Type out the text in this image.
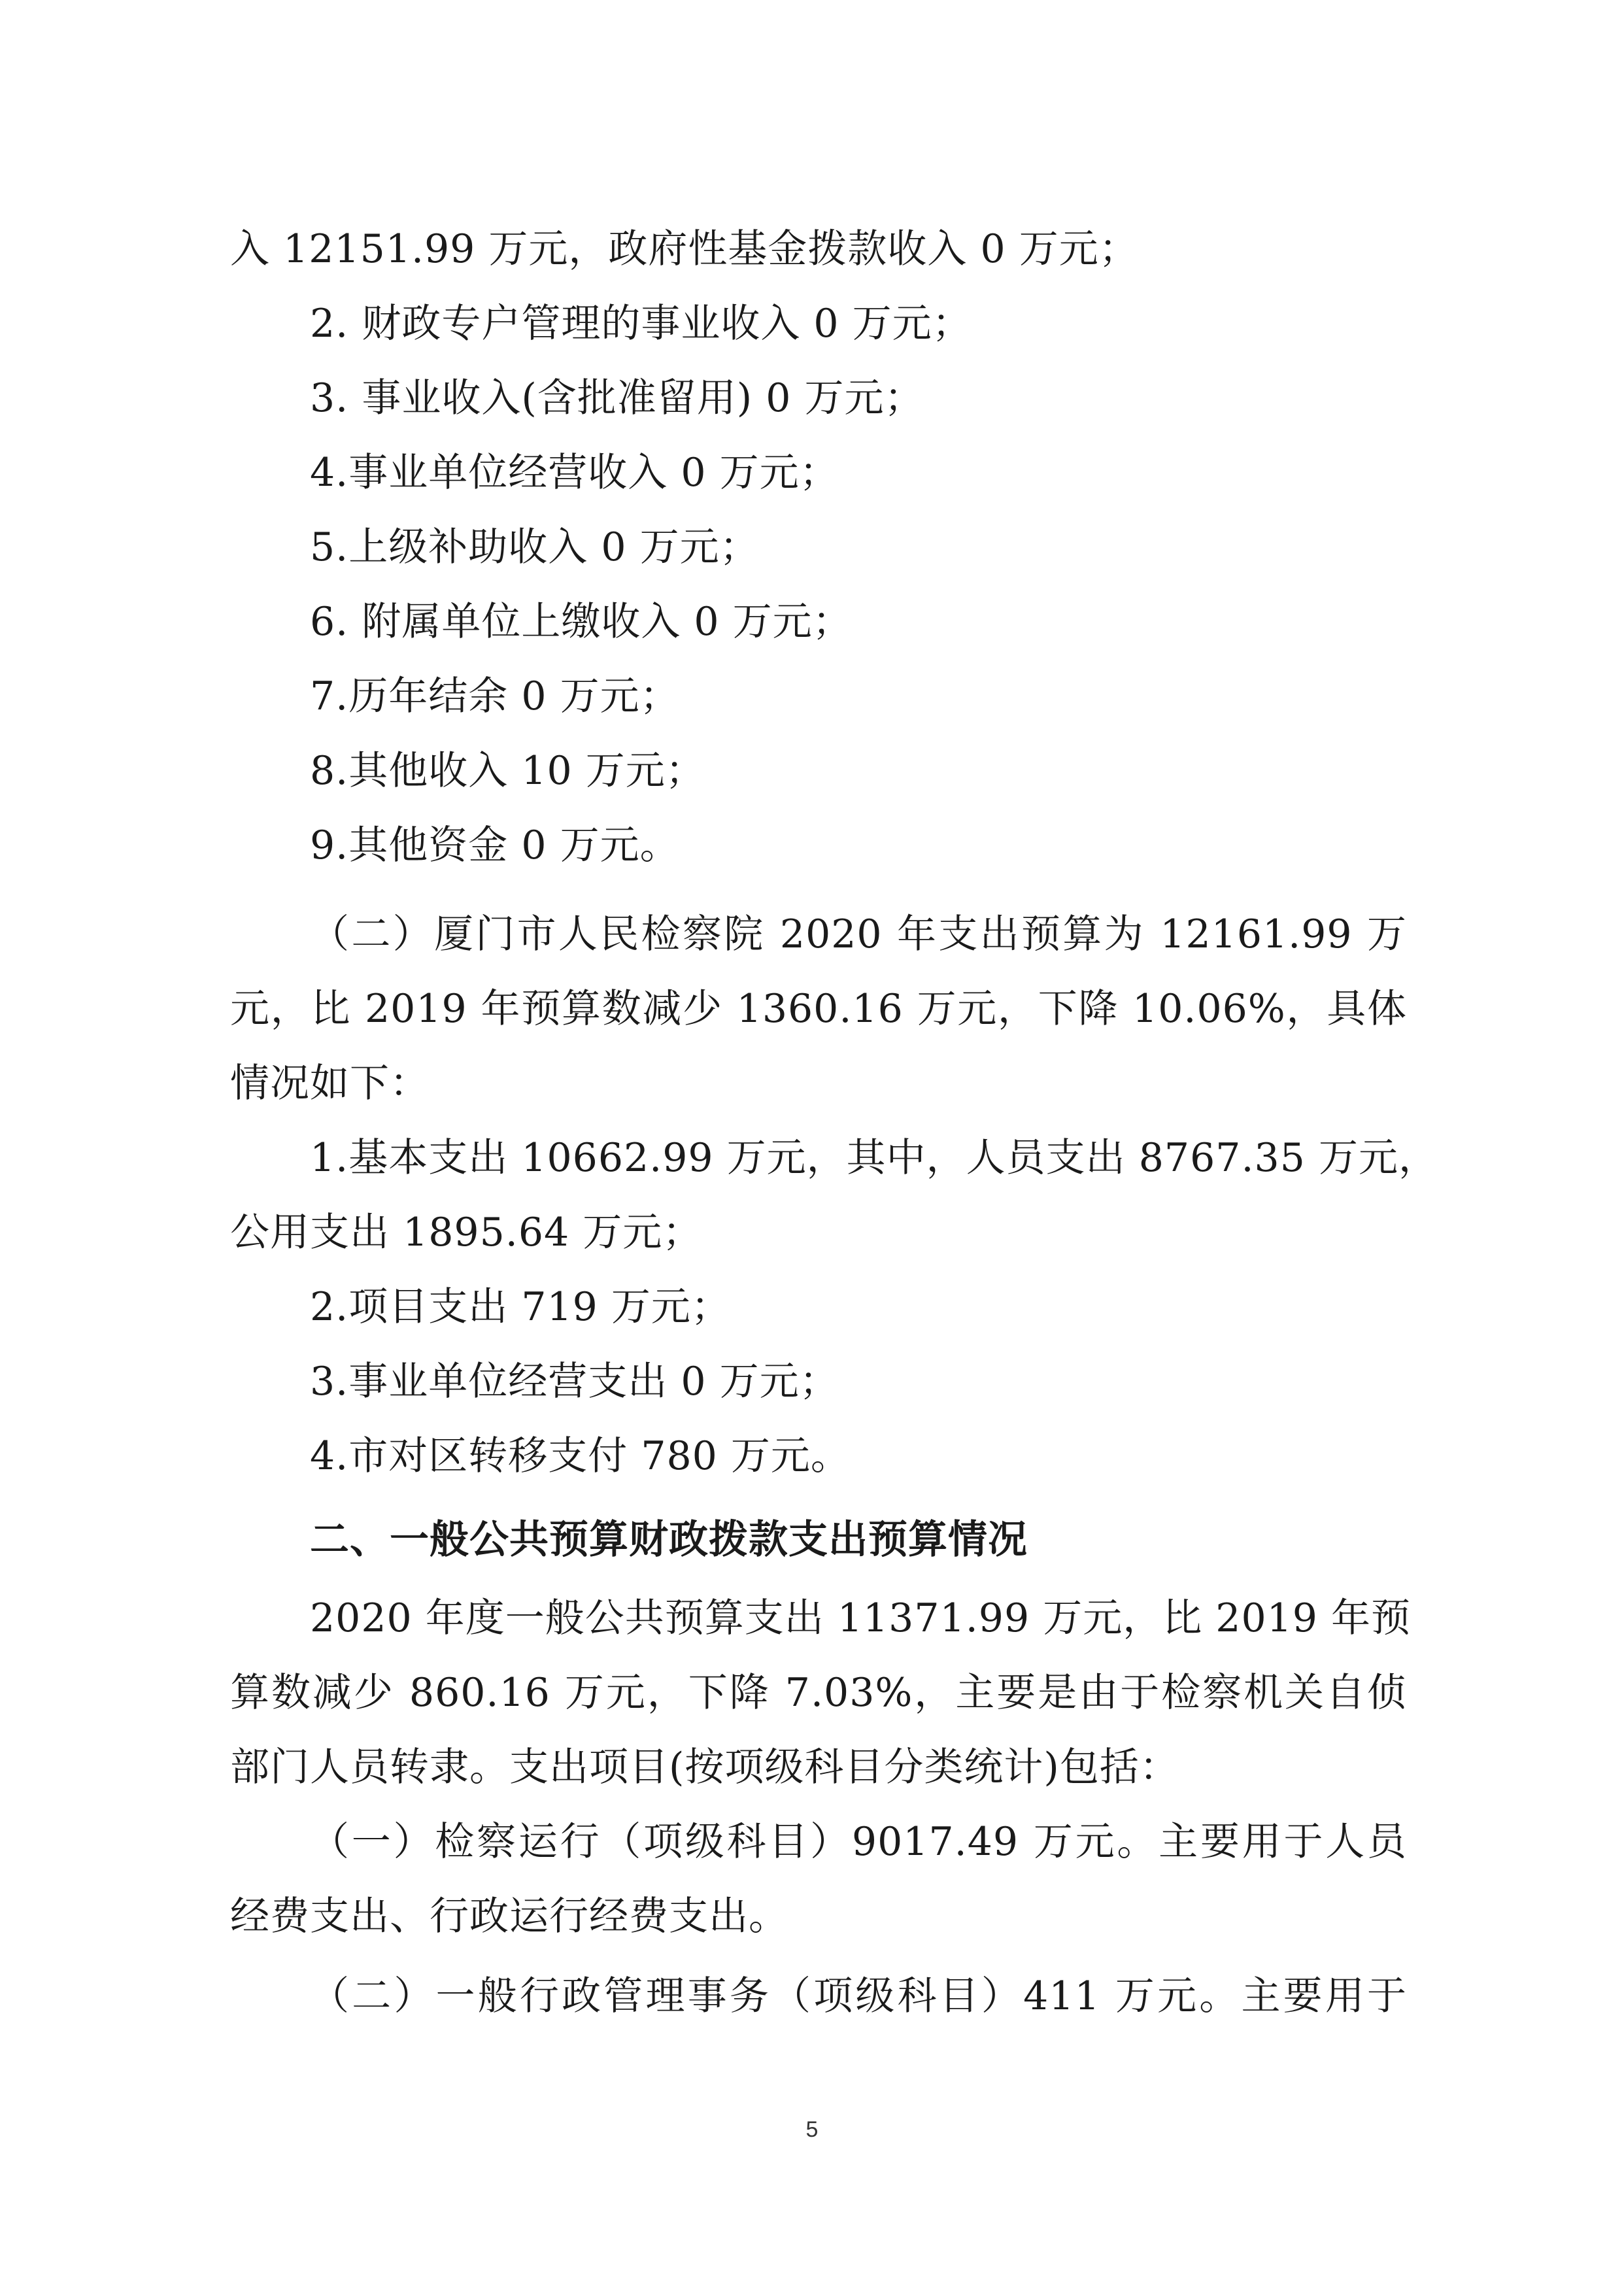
入 12151.99 万元，政府性基金拨款收入 0 万元；
2. 财政专户管理的事业收入 0 万元；
3. 事业收入(含批准留用) 0 万元；
4.事业单位经营收入 0 万元；
5.上级补助收入 0 万元；
6. 附属单位上缴收入 0 万元；
7.历年结余 0 万元；
8.其他收入 10 万元；
9.其他资金 0 万元。
（二）厦门市人民检察院 2020 年支出预算为 12161.99 万
元，比 2019 年预算数减少 1360.16 万元，下降 10.06%，具体
情况如下：
1.基本支出 10662.99 万元，其中，人员支出 8767.35 万元，
公用支出 1895.64 万元；
2.项目支出 719 万元；
3.事业单位经营支出 0 万元；
4.市对区转移支付 780 万元。
二、一般公共预算财政拨款支出预算情况
2020 年度一般公共预算支出 11371.99 万元，比 2019 年预
算数减少 860.16 万元，下降 7.03%，主要是由于检察机关自侦
部门人员转隶。支出项目(按项级科目分类统计)包括：
（一）检察运行（项级科目）9017.49 万元。主要用于人员
经费支出、行政运行经费支出。
（二）一般行政管理事务（项级科目）411 万元。主要用于
5
